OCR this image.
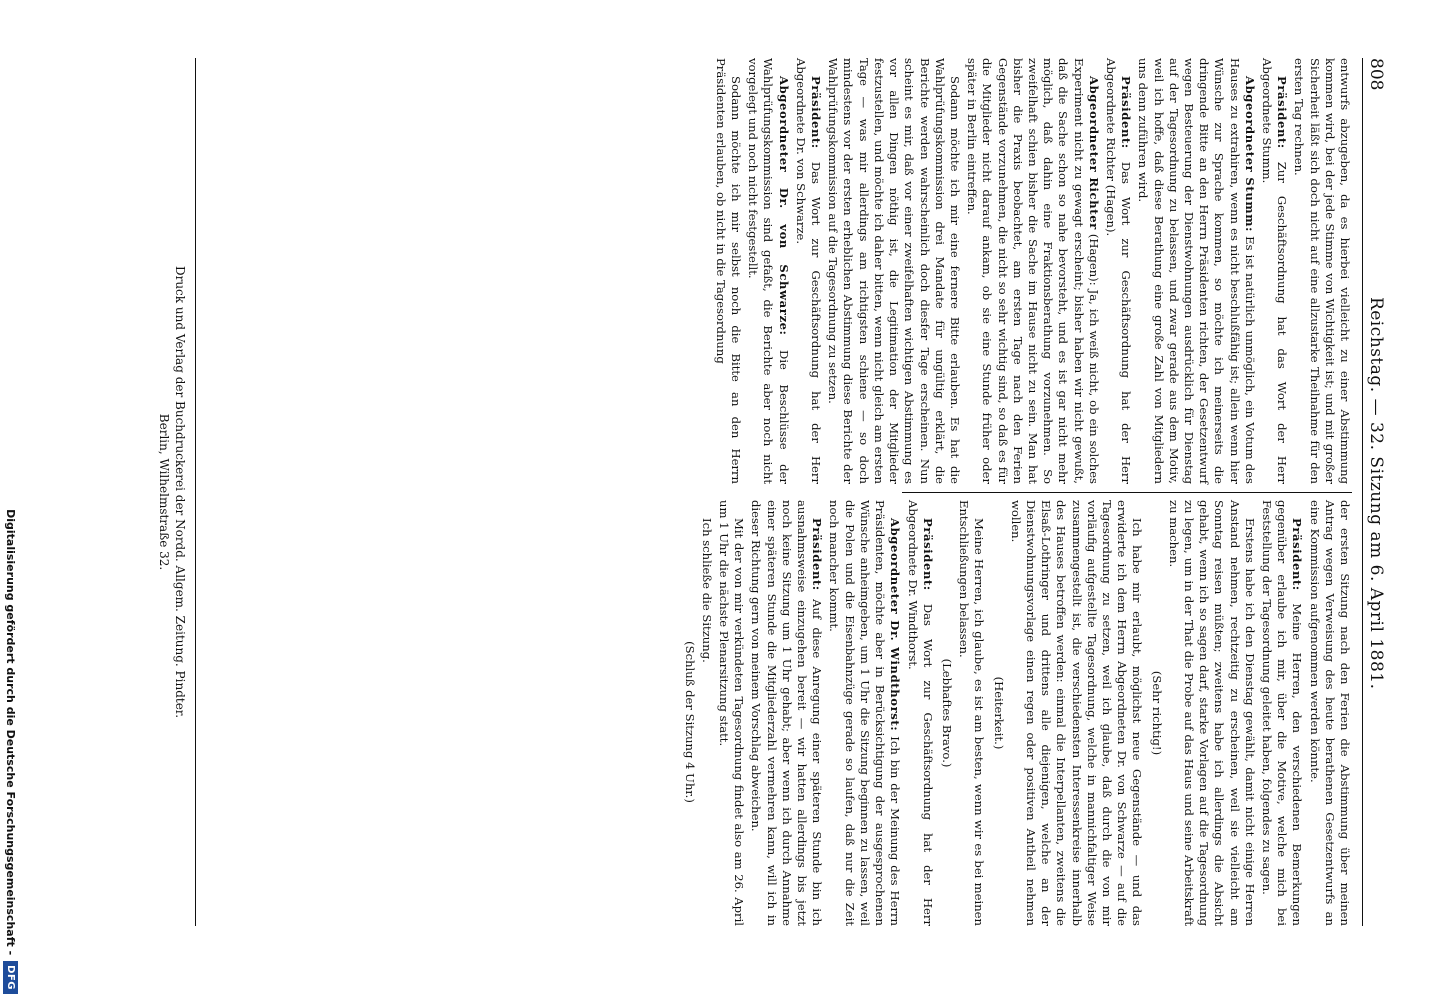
808
Reichstag. — 32. Sitzung am 6. April 1881.

entwurfs abzugeben, da es hierbei vielleicht zu einer Abstimmung kommen wird, bei der jede Stimme von Wichtigkeit ist; und mit großer Sicherheit läßt sich doch nicht auf eine allzustarke Theilnahme für den ersten Tag rechnen.

Präsident: Zur Geschäftsordnung hat das Wort der Herr Abgeordnete Stumm.

Abgeordneter Stumm: Es ist natürlich unmöglich, ein Votum des Hauses zu extrahiren, wenn es nicht beschlußfähig ist; allein wenn hier Wünsche zur Sprache kommen, so möchte ich meinerseits die dringende Bitte an den Herrn Präsidenten richten, der Gesetzentwurf wegen Besteuerung der Dienstwohnungen ausdrücklich für Dienstag auf der Tagesordnung zu belassen, und zwar gerade aus dem Motiv, weil ich hoffe, daß diese Berathung eine große Zahl von Mitgliedern uns denn zuführen wird.

Präsident: Das Wort zur Geschäftsordnung hat der Herr Abgeordnete Richter (Hagen).

Abgeordneter Richter (Hagen): Ja, ich weiß nicht, ob ein solches Experiment nicht zu gewagt erscheint; bisher haben wir nicht gewußt, daß die Sache schon so nahe bevorsteht, und es ist gar nicht mehr möglich, daß dahin eine Fraktionsberathung vorzunehmen. So zweifelhaft schien bisher die Sache im Hause nicht zu sein. Man hat bisher die Praxis beobachtet, am ersten Tage nach den Ferien Gegenstände vorzunehmen, die nicht so sehr wichtig sind, so daß es für die Mitglieder nicht darauf ankam, ob sie eine Stunde früher oder später in Berlin eintreffen.

Sodann möchte ich mir eine fernere Bitte erlauben. Es hat die Wahlprüfungskommission drei Mandate für ungültig erklärt, die Berichte werden wahrscheinlich doch diesfer Tage erscheinen. Nun scheint es mir, daß vor einer zweifelhaften wichtigen Abstimmung es vor allen Dingen nöthig ist, die Legitimation der Mitglieder festzustellen, und möchte ich daher bitten, wenn nicht gleich am ersten Tage — was mir allerdings am richtigsten schiene — so doch mindestens vor der ersten erheblichen Abstimmung diese Berichte der Wahlprüfungskommission auf die Tagesordnung zu setzen.

Präsident: Das Wort zur Geschäftsordnung hat der Herr Abgeordnete Dr. von Schwarze.

Abgeordneter Dr. von Schwarze: Die Beschlüsse der Wahlprüfungskommission sind gefaßt, die Berichte aber noch nicht vorgelegt und noch nicht festgestellt.

Sodann möchte ich mir selbst noch die Bitte an den Herrn Präsidenten erlauben, ob nicht in die Tagesordnung

der ersten Sitzung nach den Ferien die Abstimmung über meinen Antrag wegen Verweisung des heute berathenen Gesetzentwurfs an eine Kommission aufgenommen werden könnte.

Präsident: Meine Herren, den verschiedenen Bemerkungen gegenüber erlaube ich mir, über die Motive, welche mich bei Feststellung der Tagesordnung geleitet haben, folgendes zu sagen.

Erstens habe ich den Dienstag gewählt, damit nicht einige Herren Anstand nehmen, rechtzeitig zu erscheinen, weil sie vielleicht am Sonntag reisen müßten; zweitens habe ich allerdings die Absicht gehabt, wenn ich so sagen darf, starke Vorlagen auf die Tagesordnung zu legen, um in der That die Probe auf das Haus und seine Arbeitskraft zu machen.

(Sehr richtig!)

Ich habe mir erlaubt, möglichst neue Gegenstände — und das erwiderte ich dem Herrn Abgeordneten Dr. von Schwarze — auf die Tagesordnung zu setzen, weil ich glaube, daß durch die von mir vorläufig aufgestellte Tagesordnung, welche in mannichfaltiger Weise zusammengestellt ist, die verschiedensten Interessenkreise innerhalb des Hauses betroffen werden: einmal die Interpellanten, zweitens die Elsaß-Lothringer und drittens alle diejenigen, welche an der Dienstwohnungsvorlage einen regen oder positiven Antheil nehmen wollen.

(Heiterkeit.)

Meine Herren, ich glaube, es ist am besten, wenn wir es bei meinen Entschließungen belassen.

(Lebhaftes Bravo.)

Präsident: Das Wort zur Geschäftsordnung hat der Herr Abgeordnete Dr. Windthorst.

Abgeordneter Dr. Windthorst: Ich bin der Meinung des Herrn Präsidenten, möchte aber in Berücksichtigung der ausgesprochenen Wünsche anheimgeben, um 1 Uhr die Sitzung beginnen zu lassen, weil die Polen und die Eisenbahnzüge gerade so laufen, daß nur die Zeit noch mancher kommt.

Präsident: Auf diese Anregung einer späteren Stunde bin ich ausnahmsweise einzugehen bereit — wir hatten allerdings bis jetzt noch keine Sitzung um 1 Uhr gehabt; aber wenn ich durch Annahme einer späteren Stunde die Mitgliederzahl vermehren kann, will ich in dieser Richtung gern von meinem Vorschlag abweichen.

Mit der von mir verkündeten Tagesordnung findet also am 26. April um 1 Uhr die nächste Plenarsitzung statt.

Ich schließe die Sitzung.

(Schluß der Sitzung 4 Uhr.)

Druck und Verlag der Buchdruckerei der Nordd. Allgem. Zeitung. Pindter.
Berlin, Wilhelmstraße 32.
Digitalisierung gefördert durch die Deutsche Forschungsgemeinschaft -
DFG
